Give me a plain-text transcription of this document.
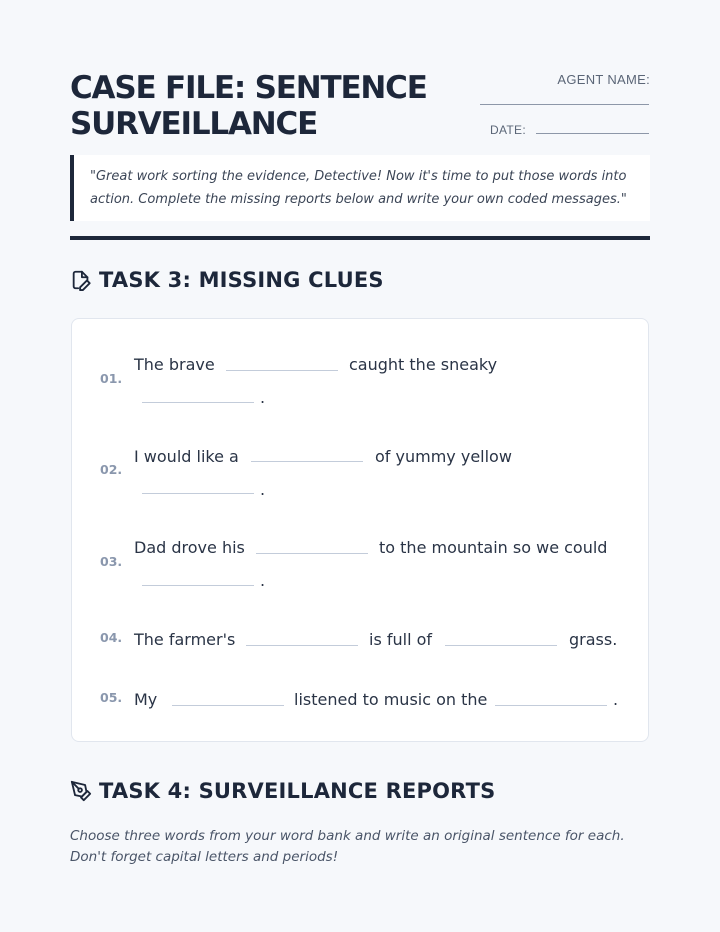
CASE FILE: SENTENCE
SURVEILLANCE
AGENT NAME:
DATE:
"Great work sorting the evidence, Detective! Now it's time to put those words into action. Complete the missing reports below and write your own coded messages."
TASK 3: MISSING CLUES
01.
The brave	caught the sneaky
.
02.
I would like a	of yummy yellow
.
03.
Dad drove his	to the mountain so we could
.
04. The farmer's	is full of	grass.
05. My	listened to music on the	.
TASK 4: SURVEILLANCE REPORTS

Choose three words from your word bank and write an original sentence for each. Don't forget capital letters and periods!
